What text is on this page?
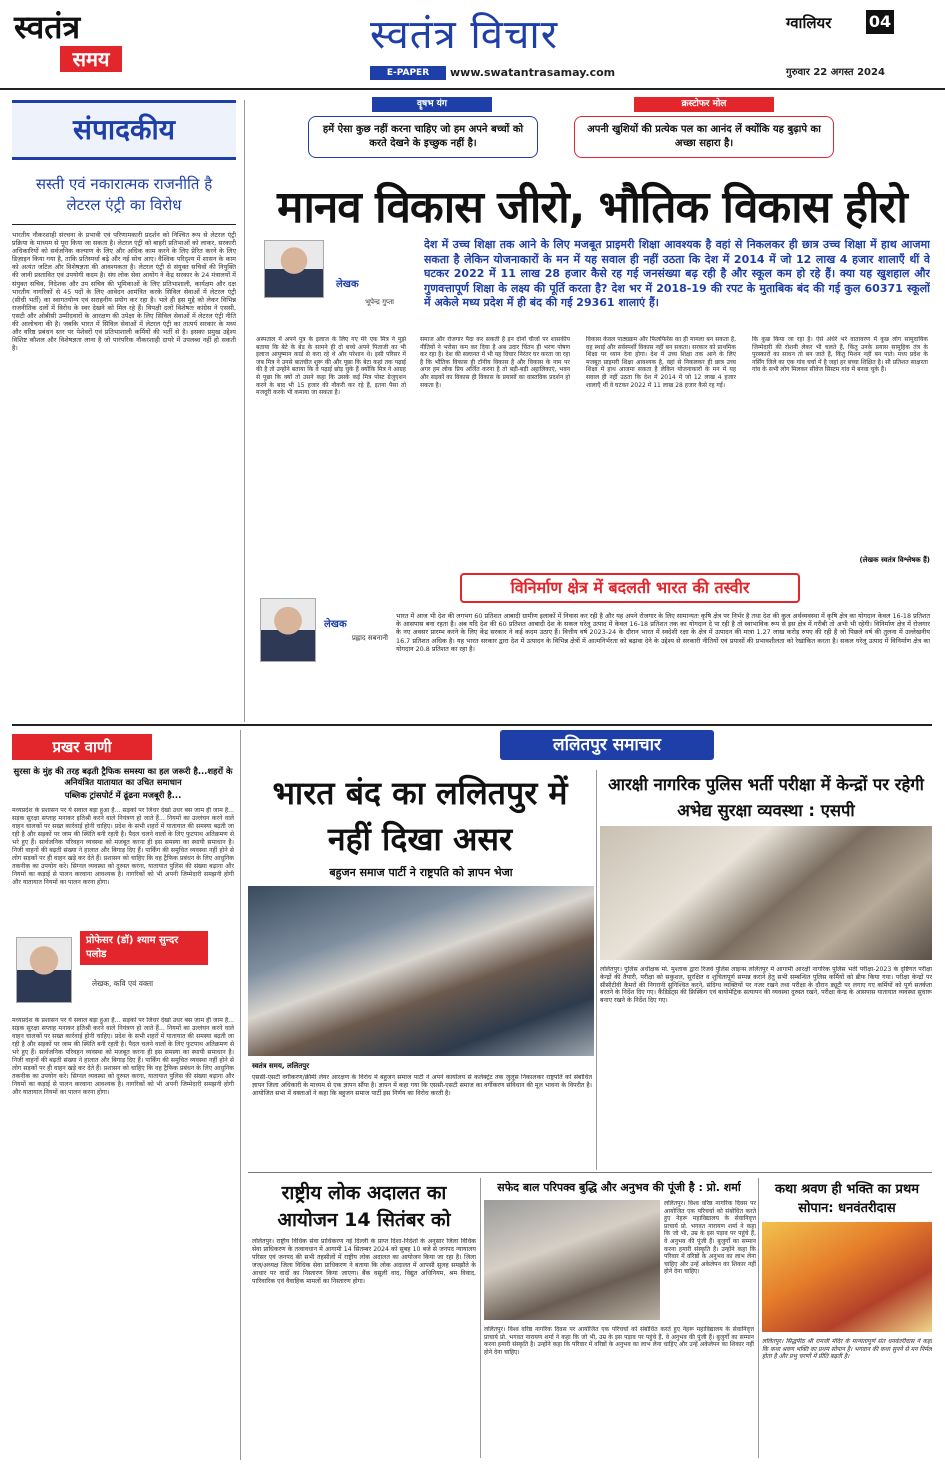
स्वतंत्र
समय
स्वतंत्र विचार
E-PAPER	www.swatantrasamay.com
ग्वालियर 04
गुरुवार 22 अगस्त 2024
वॄषभ यंग
हमें ऐसा कुछ नहीं करना चाहिए जो हम अपने बच्चों को करते देखने के इच्छुक नहीं है।
क्रस्टोफर मोल
अपनी खुशियों की प्रत्येक पल का आनंद लें क्योंकि यह बुढ़ापे का अच्छा सहारा है।
संपादकीय
सस्ती एवं नकारात्मक राजनीति है लेटरल एंट्री का विरोध
भारतीय नौकरशाही संरचना के प्रभावी एवं परिणामकारी प्रदर्शन को निश्चित रूप से लेटरल एंट्री प्रक्रिया के माध्यम से पूरा किया जा सकता है। लेटरल एंट्री को बाहरी प्रतिभाओं को लाकर, सरकारी अधिकारियों को सर्वजनिक कल्याण के लिए और अधिक काम करने के लिए प्रेरित करने के लिए डिज़ाइन किया गया है, ताकि प्रतिस्पर्धा बढ़े और नई सोच आए। वैश्विक परिदृश्य में शासन के काम को अत्यंत जटिल और विशेषज्ञता की आवश्यकता है। लेटरल एंट्री से संयुक्त सचिवों की नियुक्ति की जानी प्रस्तावित एवं उपयोगी कदम है। संघ लोक सेवा आयोग ने केंद्र सरकार के 24 मंत्रालयों में संयुक्त सचिव, निदेशक और उप सचिव की भूमिकाओं के लिए प्रतिभाशाली, कार्यक्षम और दक्ष भारतीय नागरिकों से 45 पदों के लिए आवेदन आमंत्रित करके सिविल सेवाओं में लेटरल एंट्री (सीधी भर्ती) का स्वागतयोग्य एवं सराहनीय प्रयोग कर रहा है। भले ही इस मुद्दे को लेकर विभिन्न राजनीतिक दलों में विरोध के स्वर देखने को मिल रहे हैं। विपक्षी दलों विशेषतः कांग्रेस ने एससी, एसटी और ओबीसी उम्मीदवारों के आरक्षण की उपेक्षा के लिए सिविल सेवाओं में लेटरल एंट्री नीति की आलोचना की है। जबकि भारत में सिविल सेवाओं में लेटरल एंट्री का तात्पर्य सरकार के मध्य और वरिष्ठ प्रबंधन स्तर पर पेशेवरों एवं प्रतिभाशाली कर्मियों की भर्ती से है। इसका प्रमुख उद्देश्य विशिष्ट कौशल और विशेषज्ञता लाना है जो पारंपरिक नौकरशाही दायरे में उपलब्ध नहीं हो सकती है।
मानव विकास जीरो, भौतिक विकास हीरो
लेखक
भूपेन्द्र गुप्ता
देश में उच्च शिक्षा तक आने के लिए मजबूत प्राइमरी शिक्षा आवश्यक है वहां से निकलकर ही छात्र उच्च शिक्षा में हाथ आजमा सकता है लेकिन योजनाकारों के मन में यह सवाल ही नहीं उठता कि देश में 2014 में जो 12 लाख 4 हजार शालाएँ थीं वे घटकर 2022 में 11 लाख 28 हजार कैसे रह गई जनसंख्या बढ़ रही है और स्कूल कम हो रहे हैं। क्या यह खुशहाल और गुणवत्तापूर्ण शिक्षा के लक्ष्य की पूर्ति करता है? देश भर में 2018-19 की रपट के मुताबिक बंद की गई कुल 60371 स्कूलों में अकेले मध्य प्रदेश में ही बंद की गई 29361 शालाएं हैं।
अस्पताल में अपने पुत्र के इलाज के लिए गए मेरे एक मित्र ने मुझे बताया कि बेटे के बेड के सामने ही दो बच्चे अपने पिताजी का भी इलाज आयुष्मान कार्ड से करा रहे थे और परेशान थे। इसी परिसर में जब मित्र ने उनसे बातचीत शुरू की और पूछा कि बेटा कहां तक पढ़ाई की है तो उन्होंने बताया कि वे पढ़ाई छोड़ चुके हैं क्योंकि मित्र ने आग्रह से पूछा कि क्यों तो उसने कहा कि उसके कई मित्र पोस्ट ग्रेजुएशन करने के बाद भी 15 हजार की नौकरी कर रहे हैं, इतना पैसा तो मजदूरी करके भी कमाया जा सकता है।
समाज और रोजगार पैदा कर सकती है इन दोनों चीजों पर शासकीय नीतियों ने भरोसा कम कर दिया है अब उदार चिंतन ही भरण पोषण कर रहा है। देश की सल्तनत में भी यह विचार निरंतर घर करता जा रहा है कि भौतिक विकास ही टॉनीय विकास है और विकास के नाम पर अगर हम लोक प्रिय अर्जित करना है तो बड़ी-बड़ी अट्टालिकाएं, भवन और सड़कों का विकास ही विकास के प्रयासों का वास्तविक प्रदर्शन हो सकता है।
विकास केवल पाठ्यक्रम और फिलफिरेंस का ही मामला बन सकता है, वह स्थाई और सर्वस्पर्शी विकास नहीं बन सकता। सरकार को प्राथमिक शिक्षा पर ध्यान देना होगा। देश में उच्च शिक्षा तक आने के लिए मजबूत प्राइमरी शिक्षा आवश्यक है, वहां से निकलकर ही छात्र उच्च शिक्षा में हाथ आजमा सकता है लेकिन योजनाकारों के मन में यह सवाल ही नहीं उठता कि देश में 2014 में जो 12 लाख 4 हजार शालाएँ थीं वे घटकर 2022 में 11 लाख 28 हजार कैसे रह गईं।
कि कुछ किया जा रहा है। ऐसे अंधेरे भरे वातावरण में कुछ लोग सामुदायिक जिम्मेदारी की रोशनी लेकर भी चलते हैं, किंतु उनके प्रयास सामूहिक तंत्र के पुरस्कारों का साधन तो बन जाते हैं, किंतु मिशन नहीं बन पाते। मध्य प्रदेश के नर्सिंग जिले का एक गांव चर्चा में है जहां हर बच्चा शिक्षित है। सौ प्रतिशत साक्षरता गांव के सभी लोग मिलकर सीवेज सिस्टम गांव में बनवा चुके हैं।
(लेखक स्वतंत्र विश्लेषक हैं)
विनिर्माण क्षेत्र में बदलती भारत की तस्वीर
लेखक
प्रह्लाद सबनानी
भारत में आज भी देश की लगभग 60 प्रतिशत आबादी ग्रामीण इलाकों में निवास कर रही है और यह अपने रोजगार के लिए सामान्यतः कृषि क्षेत्र पर निर्भर है तथा देश की कुल अर्थव्यवस्था में कृषि क्षेत्र का योगदान केवल 16-18 प्रतिशत के आसपास बना रहता है। अब यदि देश की 60 प्रतिशत आबादी देश के सकल घरेलू उत्पाद में केवल 16-18 प्रतिशत तक का योगदान दे पा रही है तो स्वाभाविक रूप से इस क्षेत्र में गरीबी तो अभी भी रहेगी। विनिर्माण क्षेत्र में रोजगार के नए अवसर प्रारम्भ करने के लिए केंद्र सरकार ने कई कदम उठाए हैं। वित्तीय वर्ष 2023-24 के दौरान भारत में स्वदेशी रक्षा के क्षेत्र में उत्पादन की मात्रा 1.27 लाख करोड़ रुपए की रही है जो पिछले वर्ष की तुलना में उल्लेखनीय 16.7 प्रतिशत अधिक है। यह भारत सरकार द्वारा देश में उत्पादन के विभिन्न क्षेत्रों में आत्मनिर्भरता को बढ़ावा देने के उद्देश्य से सरकारी नीतियों एवं प्रयासों की प्रभावशीलता को रेखांकित करता है। सकल घरेलू उत्पाद में विनिर्माण क्षेत्र का योगदान 20.8 प्रतिशत का रहा है।
प्रखर वाणी
सुरसा के मुंह की तरह बढ़ती ट्रैफिक समस्या का हल जरूरी है...शहरों के अनियंत्रित यातायात का उचित समाधान
पब्लिक ट्रांसपोर्ट में ढूंढना मजबूरी है...
मध्यप्रदेश के प्रशासन पर ये सवाल बड़ा हुआ है... सड़कों पर जिधर देखो उधर बस जाम ही जाम है... सड़क सुरक्षा सप्ताह मनाकर इतिश्री करने वाले नियंत्रण हो जाते हैं... नियमों का उल्लंघन करने वाले वाहन चालकों पर सख्त कार्रवाई होनी चाहिए। प्रदेश के सभी शहरों में यातायात की समस्या बढ़ती जा रही है और सड़कों पर जाम की स्थिति बनी रहती है। पैदल चलने वालों के लिए फुटपाथ अतिक्रमण से भरे हुए हैं। सार्वजनिक परिवहन व्यवस्था को मजबूत करना ही इस समस्या का स्थायी समाधान है। निजी वाहनों की बढ़ती संख्या ने हालात और बिगाड़ दिए हैं। पार्किंग की समुचित व्यवस्था नहीं होने से लोग सड़कों पर ही वाहन खड़े कर देते हैं। प्रशासन को चाहिए कि वह ट्रैफिक प्रबंधन के लिए आधुनिक तकनीक का उपयोग करे। सिग्नल व्यवस्था को दुरुस्त करना, यातायात पुलिस की संख्या बढ़ाना और नियमों का कड़ाई से पालन करवाना आवश्यक है। नागरिकों को भी अपनी जिम्मेदारी समझनी होगी और यातायात नियमों का पालन करना होगा।
प्रोफेसर (डॉ) श्याम सुन्दर पलोड
लेखक, कवि एवं वक्ता
मध्यप्रदेश के प्रशासन पर ये सवाल बड़ा हुआ है... सड़कों पर जिधर देखो उधर बस जाम ही जाम है... सड़क सुरक्षा सप्ताह मनाकर इतिश्री करने वाले नियंत्रण हो जाते हैं... नियमों का उल्लंघन करने वाले वाहन चालकों पर सख्त कार्रवाई होनी चाहिए। प्रदेश के सभी शहरों में यातायात की समस्या बढ़ती जा रही है और सड़कों पर जाम की स्थिति बनी रहती है। पैदल चलने वालों के लिए फुटपाथ अतिक्रमण से भरे हुए हैं। सार्वजनिक परिवहन व्यवस्था को मजबूत करना ही इस समस्या का स्थायी समाधान है। निजी वाहनों की बढ़ती संख्या ने हालात और बिगाड़ दिए हैं। पार्किंग की समुचित व्यवस्था नहीं होने से लोग सड़कों पर ही वाहन खड़े कर देते हैं। प्रशासन को चाहिए कि वह ट्रैफिक प्रबंधन के लिए आधुनिक तकनीक का उपयोग करे। सिग्नल व्यवस्था को दुरुस्त करना, यातायात पुलिस की संख्या बढ़ाना और नियमों का कड़ाई से पालन करवाना आवश्यक है। नागरिकों को भी अपनी जिम्मेदारी समझनी होगी और यातायात नियमों का पालन करना होगा।
ललितपुर समाचार
भारत बंद का ललितपुर में नहीं दिखा असर
बहुजन समाज पार्टी ने राष्ट्रपति को ज्ञापन भेजा
स्वतंत्र समय, ललितपुर
एससी-एसटी वर्गीकरण/क्रीमी लेयर आरक्षण के विरोध में बहुजन समाज पार्टी ने अपने कार्यालय से कलेक्ट्रेट तक जुलूस निकालकर राष्ट्रपति को संबोधित ज्ञापन जिला अधिकारी के माध्यम से एक ज्ञापन सौंपा है। ज्ञापन में कहा गया कि एससी-एसटी समाज का वर्गीकरण संविधान की मूल भावना के विपरीत है। आयोजित सभा में वक्ताओं ने कहा कि बहुजन समाज पार्टी इस निर्णय का विरोध करती है।
आरक्षी नागरिक पुलिस भर्ती परीक्षा में केन्द्रों पर रहेगी अभेद्य सुरक्षा व्यवस्था : एसपी
ललितपुर। पुलिस अधीक्षक मो. मुश्ताक द्वारा रिजर्व पुलिस लाइन्स ललितपुर में आगामी आरक्षी नागरिक पुलिस भर्ती परीक्षा-2023 के दृष्टिगत परीक्षा केन्द्रों की तैयारी, परीक्षा को सकुशल, सुरक्षित व शुचितापूर्ण सम्पन्न कराने हेतु सभी सम्बन्धित पुलिस कर्मियों को ब्रीफ किया गया। परीक्षा केन्द्रों पर सीसीटीवी कैमरों की निगरानी सुनिश्चित करने, संदिग्ध व्यक्तियों पर नजर रखने तथा परीक्षा के दौरान ड्यूटी पर लगाए गए कर्मियों को पूर्ण सतर्कता बरतने के निर्देश दिए गए। कैंडिडेट्स की फ्रिस्किंग एवं बायोमेट्रिक सत्यापन की व्यवस्था दुरुस्त रखने, परीक्षा केन्द्र के आसपास यातायात व्यवस्था सुचारू बनाए रखने के निर्देश दिए गए।
राष्ट्रीय लोक अदालत का आयोजन 14 सितंबर को
ललितपुर। राष्ट्रीय विधिक सेवा प्राधिकरण नई दिल्ली के प्राप्त दिशा-निर्देशों के अनुसार जिला विधिक सेवा प्राधिकरण के तत्वावधान में आगामी 14 सितम्बर 2024 को सुबह 10 बजे से जनपद न्यायालय परिसर एवं जनपद की सभी तहसीलों में राष्ट्रीय लोक अदालत का आयोजन किया जा रहा है। जिला जज/अध्यक्ष जिला विधिक सेवा प्राधिकरण ने बताया कि लोक अदालत में आपसी सुलह समझौते के आधार पर वादों का निस्तारण किया जाएगा। बैंक वसूली वाद, विद्युत अधिनियम, श्रम विवाद, पारिवारिक एवं वैवाहिक मामलों का निस्तारण होगा।
सफेद बाल परिपक्व बुद्धि और अनुभव की पूंजी है : प्रो. शर्मा
ललितपुर। विश्व वरिष्ठ नागरिक दिवस पर आयोजित एक परिचर्चा को संबोधित करते हुए नेहरू महाविद्यालय के सेवानिवृत्त प्राचार्य प्रो. भगवत नारायण शर्मा ने कहा कि जो भी, उम्र के इस पड़ाव पर पहुंचे हैं, वे अनुभव की पूंजी हैं। बुजुर्गों का सम्मान करना हमारी संस्कृति है। उन्होंने कहा कि परिवार में वरिष्ठों के अनुभव का लाभ लेना चाहिए और उन्हें अकेलेपन का शिकार नहीं होने देना चाहिए।
ललितपुर। विश्व वरिष्ठ नागरिक दिवस पर आयोजित एक परिचर्चा को संबोधित करते हुए नेहरू महाविद्यालय के सेवानिवृत्त प्राचार्य प्रो. भगवत नारायण शर्मा ने कहा कि जो भी, उम्र के इस पड़ाव पर पहुंचे हैं, वे अनुभव की पूंजी हैं। बुजुर्गों का सम्मान करना हमारी संस्कृति है। उन्होंने कहा कि परिवार में वरिष्ठों के अनुभव का लाभ लेना चाहिए और उन्हें अकेलेपन का शिकार नहीं होने देना चाहिए।
कथा श्रवण ही भक्ति का प्रथम सोपान: धनवंतरीदास
ललितपुर। सिद्धपीठ श्री रामजी मंदिर के मान्यतापूर्ण संत धनवंतरीदास ने कहा कि कथा श्रवण भक्ति का प्रथम सोपान है। भगवान की कथा सुनने से मन निर्मल होता है और प्रभु चरणों में प्रीति बढ़ती है।
